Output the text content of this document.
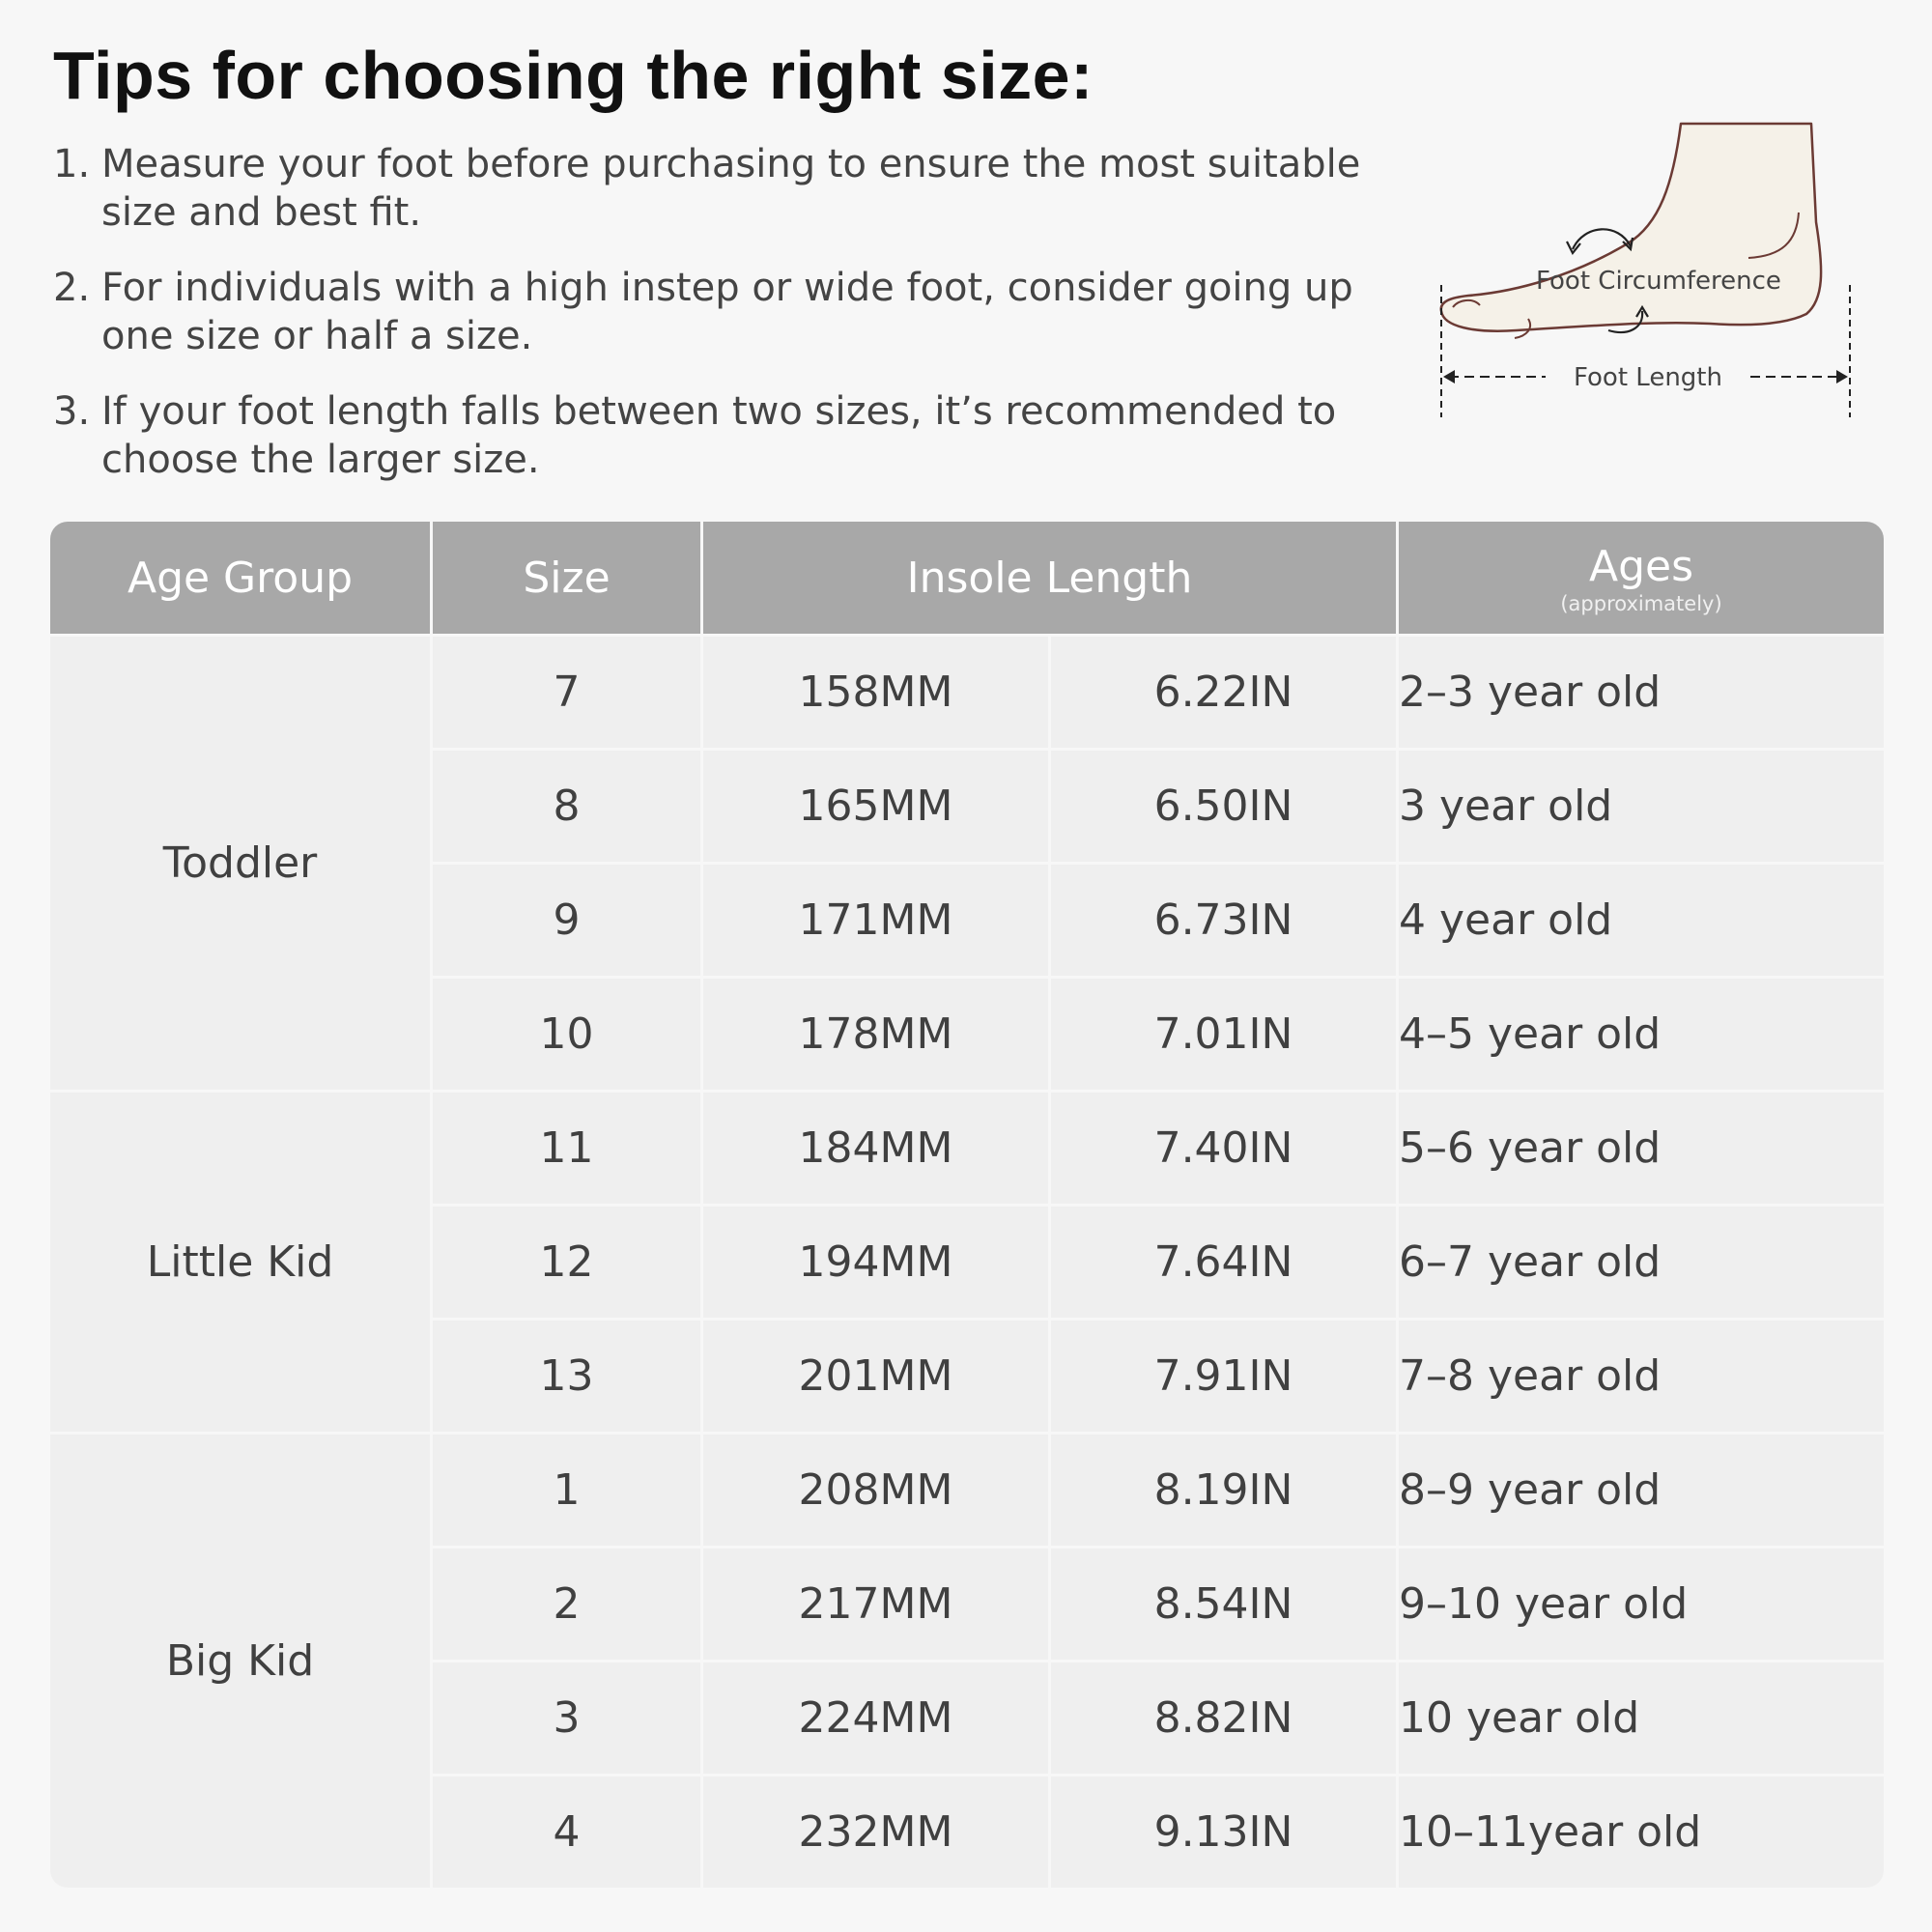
Tips for choosing the right size:
1. Measure your foot before purchasing to ensure the most suitable size and best fit.
2. For individuals with a high instep or wide foot, consider going up one size or half a size.
3. If your foot length falls between two sizes, it’s recommended to choose the larger size.
Foot Circumference
Foot Length
Age Group	Size	Insole Length		Ages
(approximately)

Toddler	7	158MM	6.22IN	2–3 year old
	8	165MM	6.50IN	3 year old
	9	171MM	6.73IN	4 year old
	10	178MM	7.01IN	4–5 year old
Little Kid	11	184MM	7.40IN	5–6 year old
	12	194MM	7.64IN	6–7 year old
	13	201MM	7.91IN	7–8 year old
Big Kid	1	208MM	8.19IN	8–9 year old
	2	217MM	8.54IN	9–10 year old
	3	224MM	8.82IN	10 year old
	4	232MM	9.13IN	10–11year old
